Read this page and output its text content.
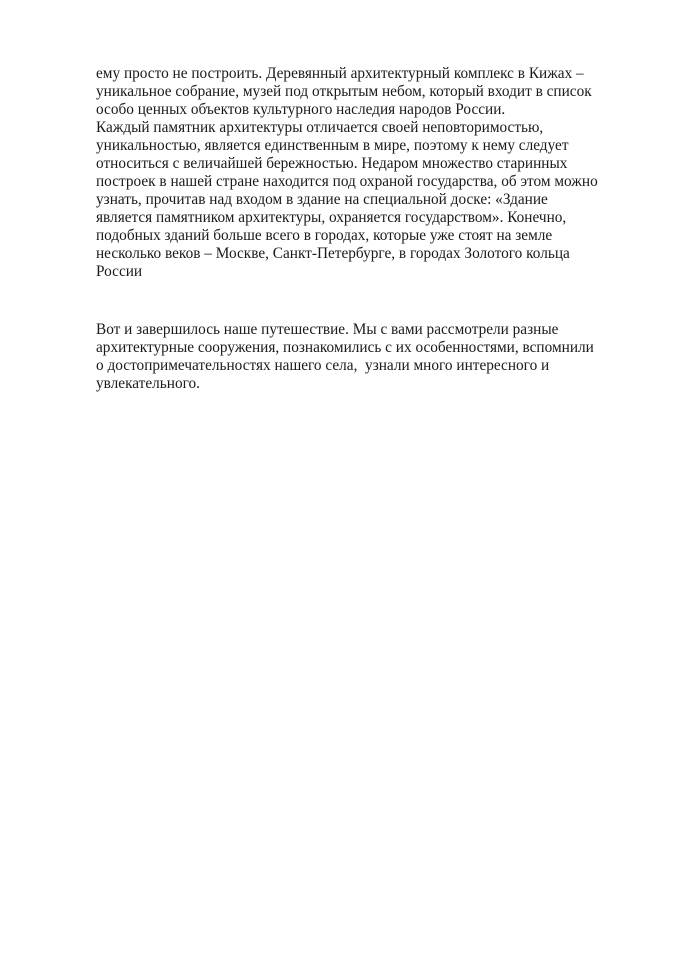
ему просто не построить. Деревянный архитектурный комплекс в Кижах –
уникальное собрание, музей под открытым небом, который входит в список
особо ценных объектов культурного наследия народов России.
Каждый памятник архитектуры отличается своей неповторимостью,
уникальностью, является единственным в мире, поэтому к нему следует
относиться с величайшей бережностью. Недаром множество старинных
построек в нашей стране находится под охраной государства, об этом можно
узнать, прочитав над входом в здание на специальной доске: «Здание
является памятником архитектуры, охраняется государством». Конечно,
подобных зданий больше всего в городах, которые уже стоят на земле
несколько веков – Москве, Санкт-Петербурге, в городах Золотого кольца
России
Вот и завершилось наше путешествие. Мы с вами рассмотрели разные
архитектурные сооружения, познакомились с их особенностями, вспомнили
о достопримечательностях нашего села,  узнали много интересного и
увлекательного.
